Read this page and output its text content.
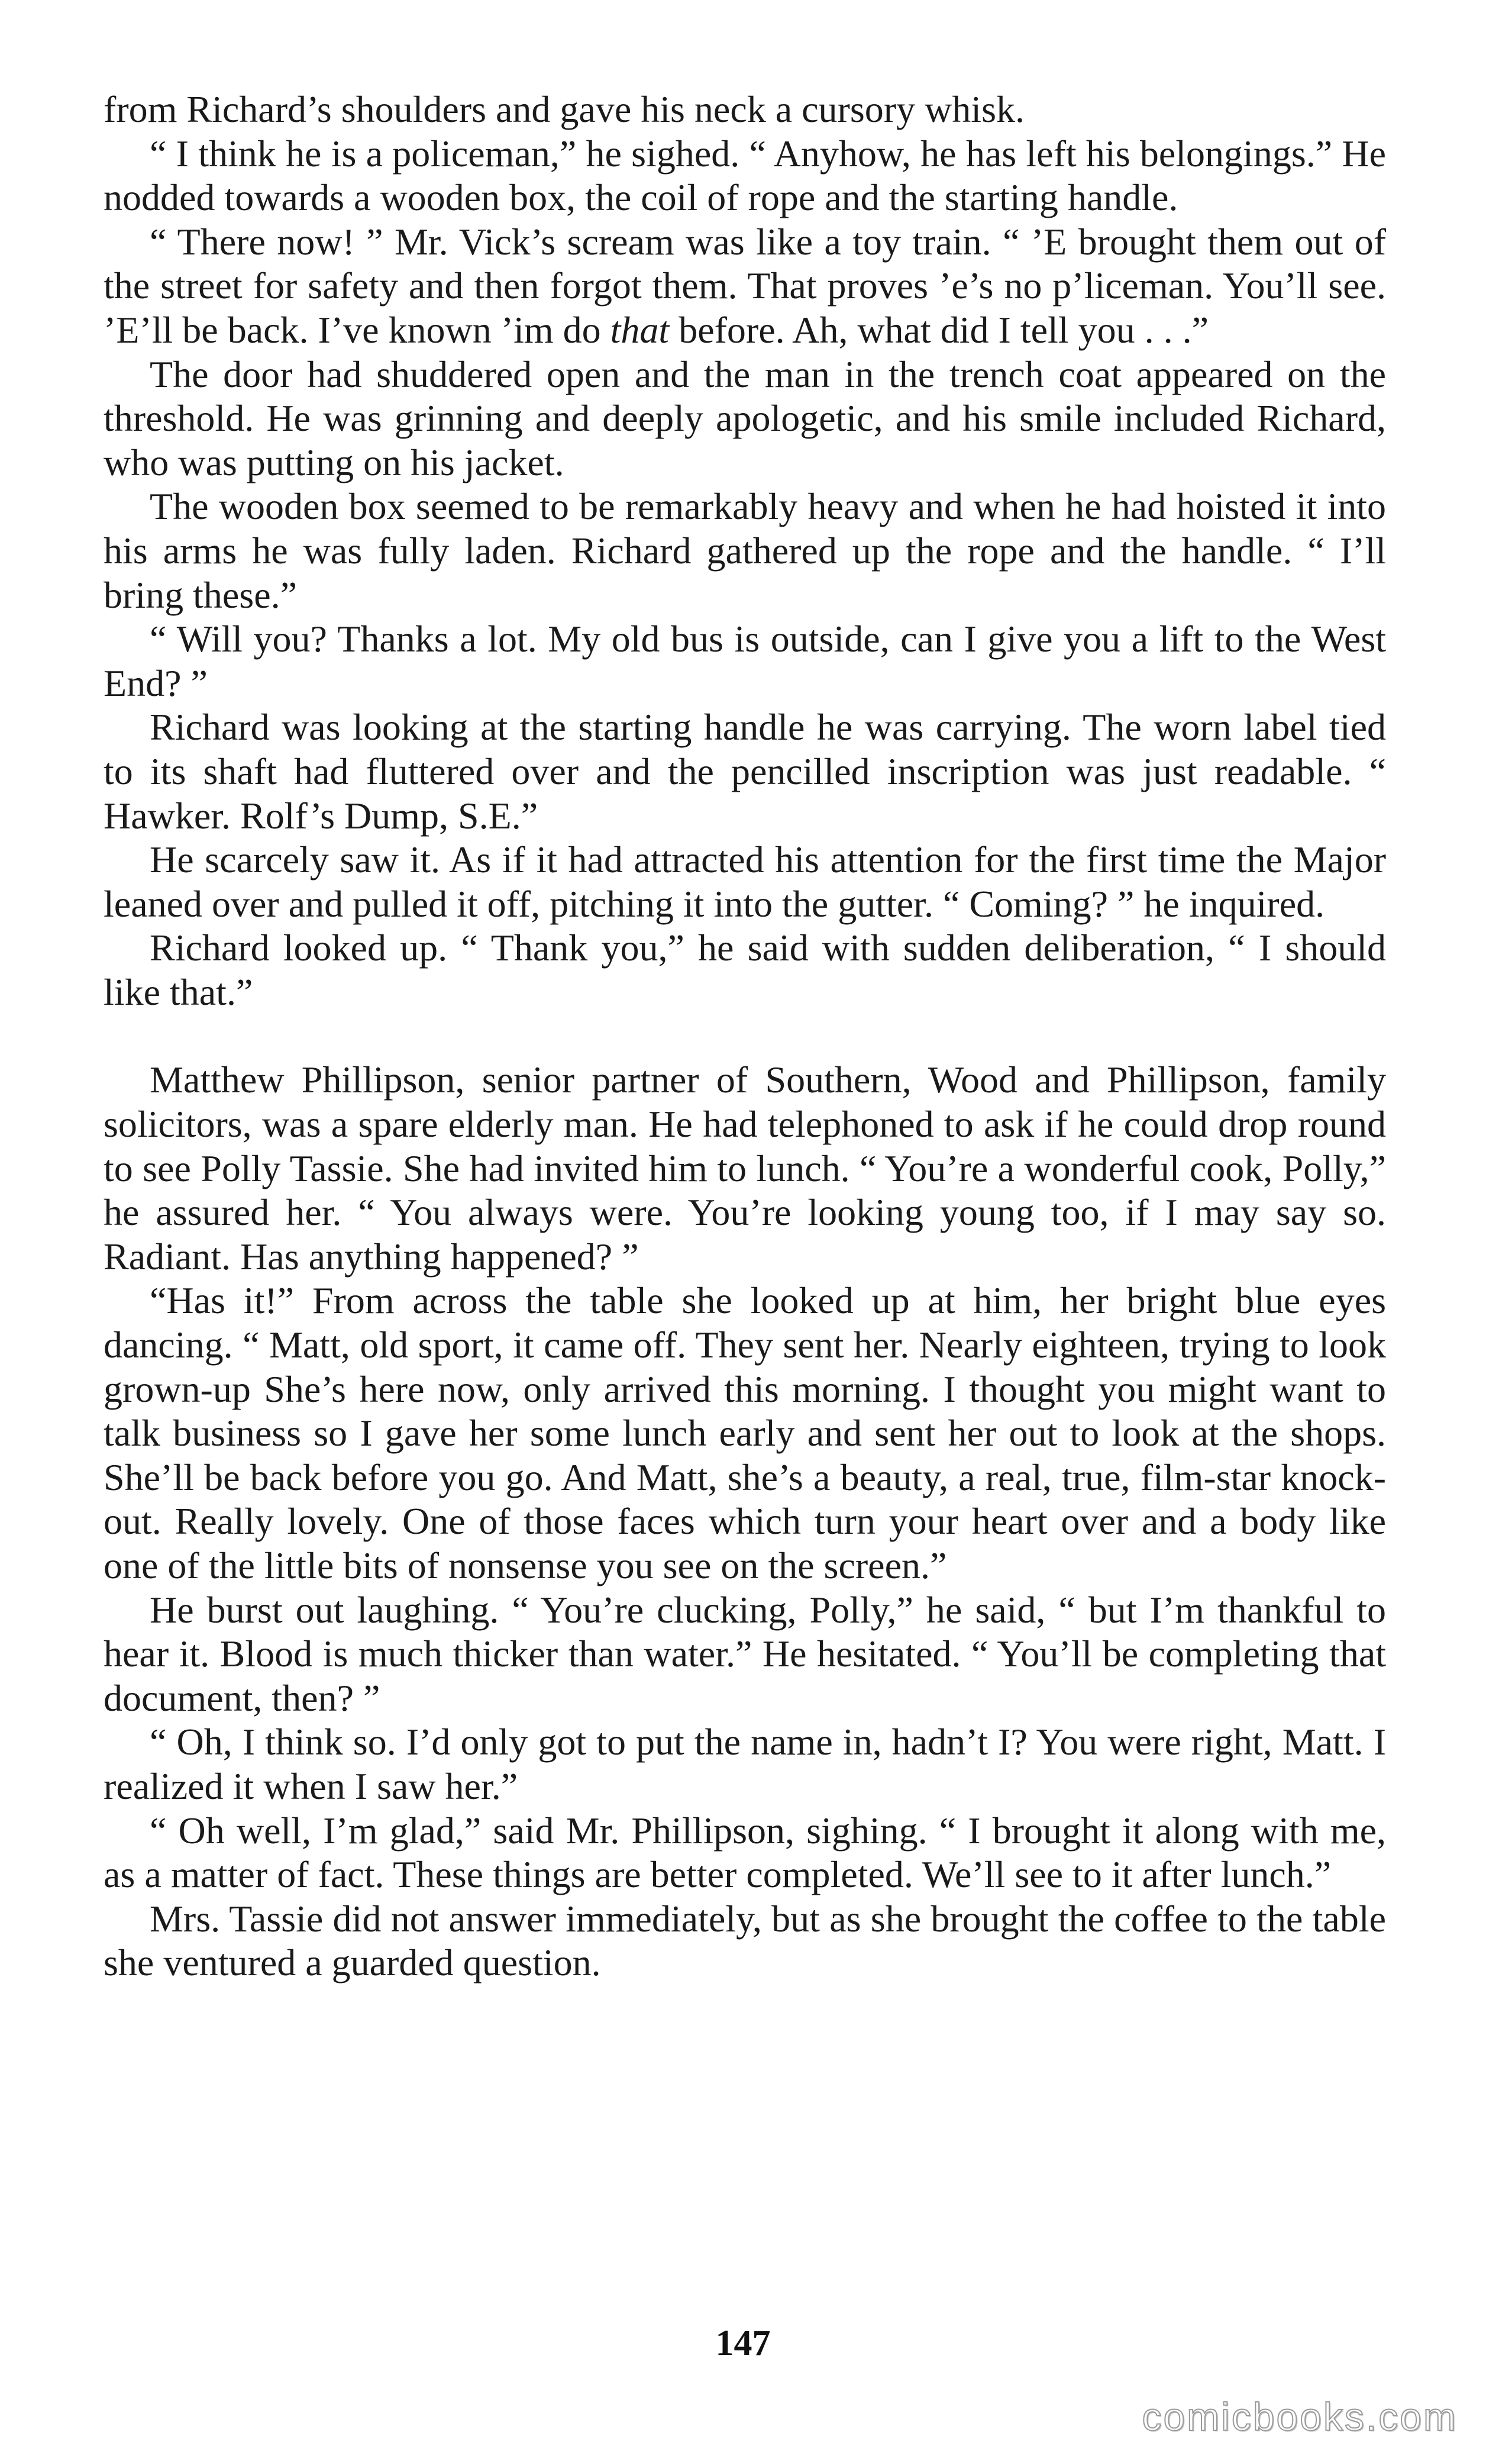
from Richard’s shoulders and gave his neck a cursory whisk.

“ I think he is a policeman,” he sighed. “ Anyhow, he has left his belongings.” He nodded towards a wooden box, the coil of rope and the starting handle.

“ There now! ” Mr. Vick’s scream was like a toy train. “ ’E brought them out of the street for safety and then forgot them. That proves ’e’s no p’liceman. You’ll see. ’E’ll be back. I’ve known ’im do that before. Ah, what did I tell you . . .”

The door had shuddered open and the man in the trench coat appeared on the threshold. He was grinning and deeply apologetic, and his smile included Richard, who was putting on his jacket.

The wooden box seemed to be remarkably heavy and when he had hoisted it into his arms he was fully laden. Richard gathered up the rope and the handle. “ I’ll bring these.”

“ Will you? Thanks a lot. My old bus is outside, can I give you a lift to the West End? ”

Richard was looking at the starting handle he was carrying. The worn label tied to its shaft had fluttered over and the pencilled inscription was just readable. “ Hawker. Rolf’s Dump, S.E.”

He scarcely saw it. As if it had attracted his attention for the first time the Major leaned over and pulled it off, pitching it into the gutter. “ Coming? ” he inquired.

Richard looked up. “ Thank you,” he said with sudden deliberation, “ I should like that.”

Matthew Phillipson, senior partner of Southern, Wood and Phillipson, family solicitors, was a spare elderly man. He had telephoned to ask if he could drop round to see Polly Tassie. She had invited him to lunch. “ You’re a wonderful cook, Polly,” he assured her. “ You always were. You’re looking young too, if I may say so. Radiant. Has anything happened? ”

“Has it!” From across the table she looked up at him, her bright blue eyes dancing. “ Matt, old sport, it came off. They sent her. Nearly eighteen, trying to look grown-up She’s here now, only arrived this morning. I thought you might want to talk business so I gave her some lunch early and sent her out to look at the shops. She’ll be back before you go. And Matt, she’s a beauty, a real, true, film-star knock-out. Really lovely. One of those faces which turn your heart over and a body like one of the little bits of nonsense you see on the screen.”

He burst out laughing. “ You’re clucking, Polly,” he said, “ but I’m thankful to hear it. Blood is much thicker than water.” He hesitated. “ You’ll be completing that document, then? ”

“ Oh, I think so. I’d only got to put the name in, hadn’t I? You were right, Matt. I realized it when I saw her.”

“ Oh well, I’m glad,” said Mr. Phillipson, sighing. “ I brought it along with me, as a matter of fact. These things are better completed. We’ll see to it after lunch.”

Mrs. Tassie did not answer immediately, but as she brought the coffee to the table she ventured a guarded question.

147
comicbooks.com
